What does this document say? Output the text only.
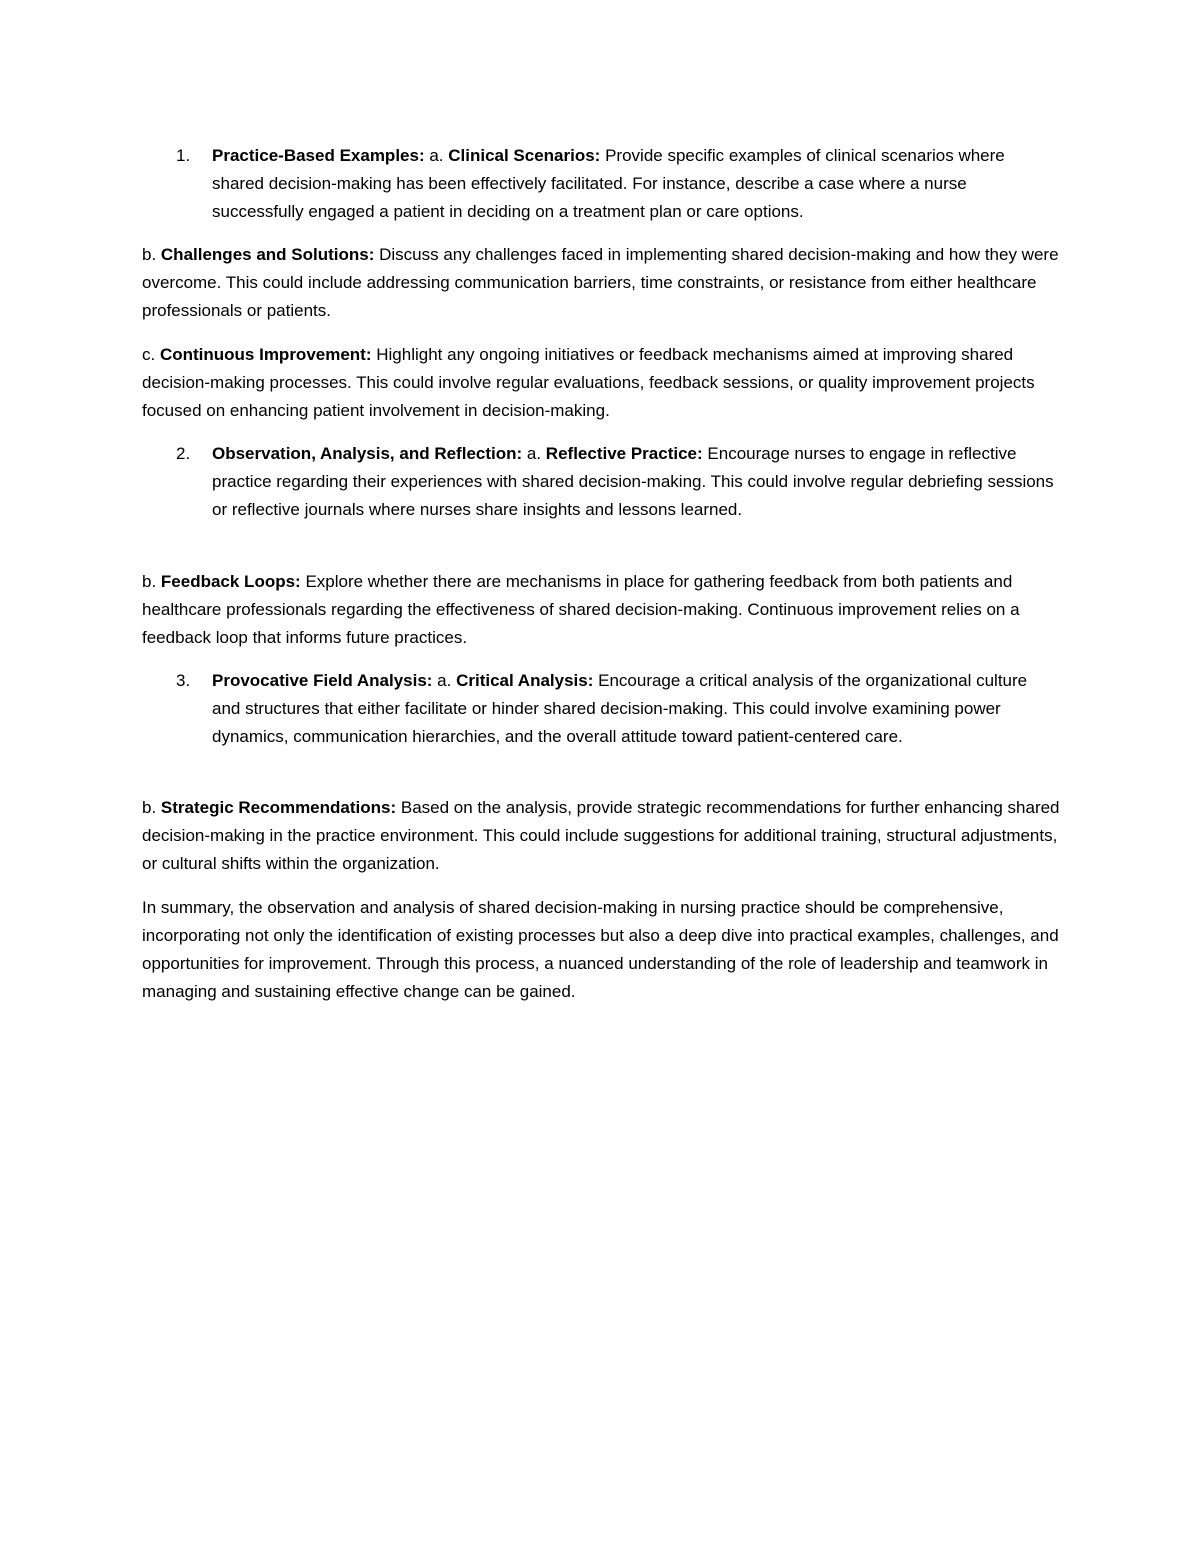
1.	Practice-Based Examples: a. Clinical Scenarios: Provide specific examples of clinical scenarios where shared decision-making has been effectively facilitated. For instance, describe a case where a nurse successfully engaged a patient in deciding on a treatment plan or care options.

b. Challenges and Solutions: Discuss any challenges faced in implementing shared decision-making and how they were overcome. This could include addressing communication barriers, time constraints, or resistance from either healthcare professionals or patients.

c. Continuous Improvement: Highlight any ongoing initiatives or feedback mechanisms aimed at improving shared decision-making processes. This could involve regular evaluations, feedback sessions, or quality improvement projects focused on enhancing patient involvement in decision-making.

2.	Observation, Analysis, and Reflection: a. Reflective Practice: Encourage nurses to engage in reflective practice regarding their experiences with shared decision-making. This could involve regular debriefing sessions or reflective journals where nurses share insights and lessons learned.

b. Feedback Loops: Explore whether there are mechanisms in place for gathering feedback from both patients and healthcare professionals regarding the effectiveness of shared decision-making. Continuous improvement relies on a feedback loop that informs future practices.

3.	Provocative Field Analysis: a. Critical Analysis: Encourage a critical analysis of the organizational culture and structures that either facilitate or hinder shared decision-making. This could involve examining power dynamics, communication hierarchies, and the overall attitude toward patient-centered care.

b. Strategic Recommendations: Based on the analysis, provide strategic recommendations for further enhancing shared decision-making in the practice environment. This could include suggestions for additional training, structural adjustments, or cultural shifts within the organization.

In summary, the observation and analysis of shared decision-making in nursing practice should be comprehensive, incorporating not only the identification of existing processes but also a deep dive into practical examples, challenges, and opportunities for improvement. Through this process, a nuanced understanding of the role of leadership and teamwork in managing and sustaining effective change can be gained.
